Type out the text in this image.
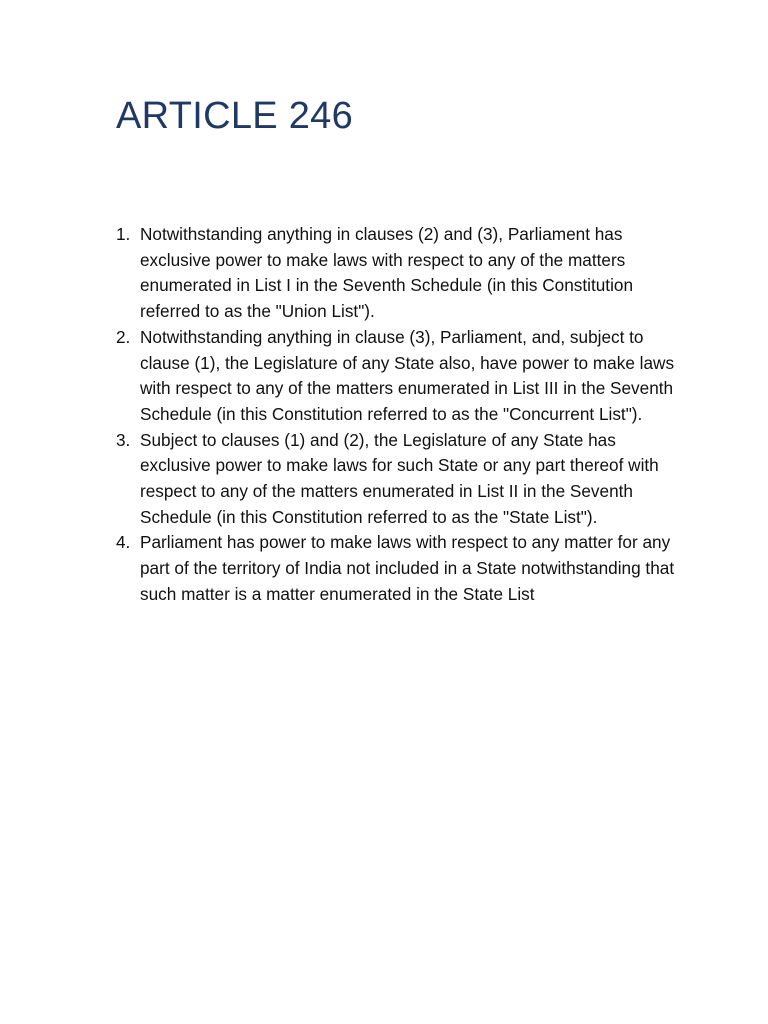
ARTICLE 246
1. Notwithstanding anything in clauses (2) and (3), Parliament has exclusive power to make laws with respect to any of the matters enumerated in List I in the Seventh Schedule (in this Constitution referred to as the "Union List").
2. Notwithstanding anything in clause (3), Parliament, and, subject to clause (1), the Legislature of any State also, have power to make laws with respect to any of the matters enumerated in List III in the Seventh Schedule (in this Constitution referred to as the "Concurrent List").
3. Subject to clauses (1) and (2), the Legislature of any State has exclusive power to make laws for such State or any part thereof with respect to any of the matters enumerated in List II in the Seventh Schedule (in this Constitution referred to as the "State List").
4. Parliament has power to make laws with respect to any matter for any part of the territory of India not included in a State notwithstanding that such matter is a matter enumerated in the State List
